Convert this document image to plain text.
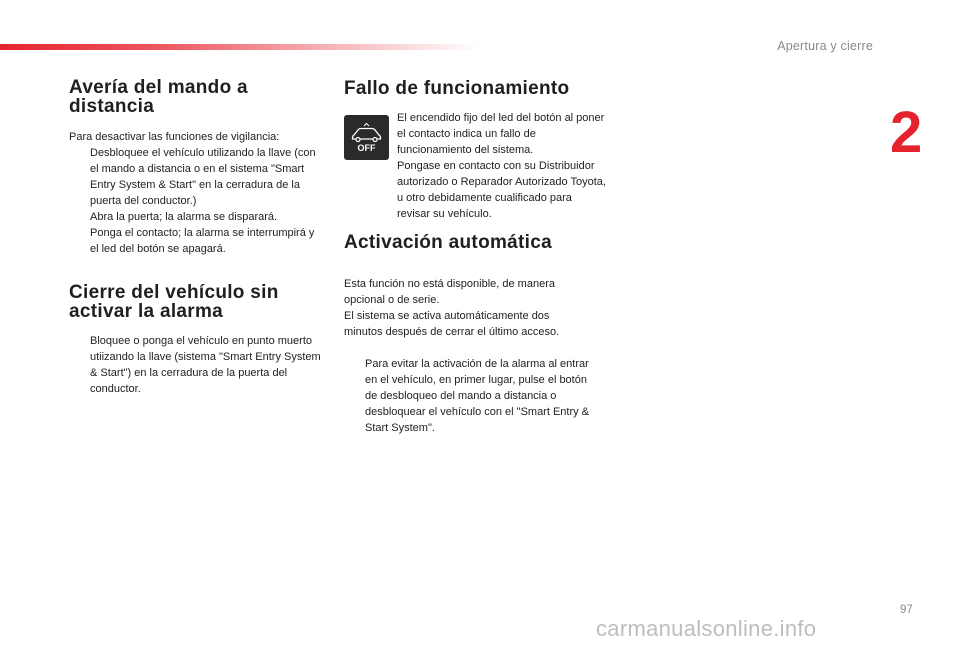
Apertura y cierre
2
Avería del mando a distancia

Para desactivar las funciones de vigilancia:

Desbloquee el vehículo utilizando la llave (con el mando a distancia o en el sistema "Smart Entry System & Start" en la cerradura de la puerta del conductor.)
Abra la puerta; la alarma se disparará.
Ponga el contacto; la alarma se interrumpirá y el led del botón se apagará.
Cierre del vehículo sin activar la alarma
Bloquee o ponga el vehículo en punto muerto utiizando la llave (sistema "Smart Entry System & Start") en la cerradura de la puerta del conductor.
Fallo de funcionamiento
OFF

El encendido fijo del led del botón al poner el contacto indica un fallo de funcionamiento del sistema.

Pongase en contacto con su Distribuidor autorizado o Reparador Autorizado Toyota, u otro debidamente cualificado para revisar su vehículo.

Activación automática

Esta función no está disponible, de manera opcional o de serie.

El sistema se activa automáticamente dos minutos después de cerrar el último acceso.

Para evitar la activación de la alarma al entrar en el vehículo, en primer lugar, pulse el botón de desbloqueo del mando a distancia o desbloquear el vehículo con el "Smart Entry & Start System".
97
carmanualsonline.info
